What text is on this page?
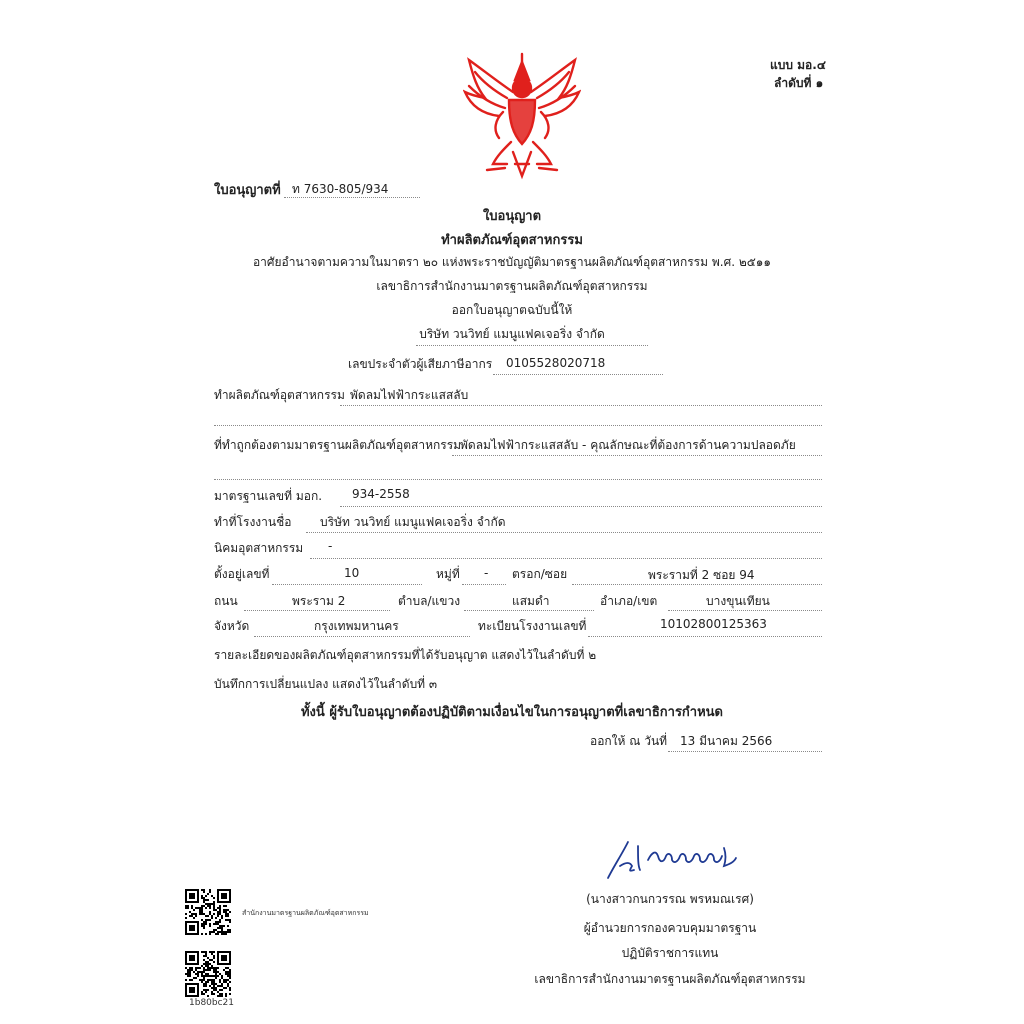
แบบ มอ.๔
ลำดับที่ ๑
ใบอนุญาตที่ ท 7630-805/934
ใบอนุญาต
ทำผลิตภัณฑ์อุตสาหกรรม
อาศัยอำนาจตามความในมาตรา ๒๐ แห่งพระราชบัญญัติมาตรฐานผลิตภัณฑ์อุตสาหกรรม พ.ศ. ๒๕๑๑
เลขาธิการสำนักงานมาตรฐานผลิตภัณฑ์อุตสาหกรรม
ออกใบอนุญาตฉบับนี้ให้
บริษัท วนวิทย์ แมนูแฟคเจอริ่ง จำกัด
เลขประจำตัวผู้เสียภาษีอากร 0105528020718
ทำผลิตภัณฑ์อุตสาหกรรม พัดลมไฟฟ้ากระแสสลับ
ที่ทำถูกต้องตามมาตรฐานผลิตภัณฑ์อุตสาหกรรม
พัดลมไฟฟ้ากระแสสลับ - คุณลักษณะที่ต้องการด้านความปลอดภัย
มาตรฐานเลขที่ มอก. 934-2558
ทำที่โรงงานชื่อ บริษัท วนวิทย์ แมนูแฟคเจอริ่ง จำกัด
นิคมอุตสาหกรรม -
ตั้งอยู่เลขที่	10	หมู่ที่ - ตรอก/ซอย	พระรามที่ 2 ซอย 94
ถนน	พระราม 2	ตำบล/แขวง	แสมดำ	อำเภอ/เขต	บางขุนเทียน
จังหวัด	กรุงเทพมหานคร	ทะเบียนโรงงานเลขที่	10102800125363
รายละเอียดของผลิตภัณฑ์อุตสาหกรรมที่ได้รับอนุญาต แสดงไว้ในลำดับที่ ๒
บันทึกการเปลี่ยนแปลง แสดงไว้ในลำดับที่ ๓
ทั้งนี้ ผู้รับใบอนุญาตต้องปฏิบัติตามเงื่อนไขในการอนุญาตที่เลขาธิการกำหนด
ออกให้ ณ วันที่ 13 มีนาคม 2566
(นางสาวกนกวรรณ พรหมณเรศ)
ผู้อำนวยการกองควบคุมมาตรฐาน
ปฏิบัติราชการแทน
เลขาธิการสำนักงานมาตรฐานผลิตภัณฑ์อุตสาหกรรม
สำนักงานมาตรฐานผลิตภัณฑ์อุตสาหกรรม
1b80bc21
